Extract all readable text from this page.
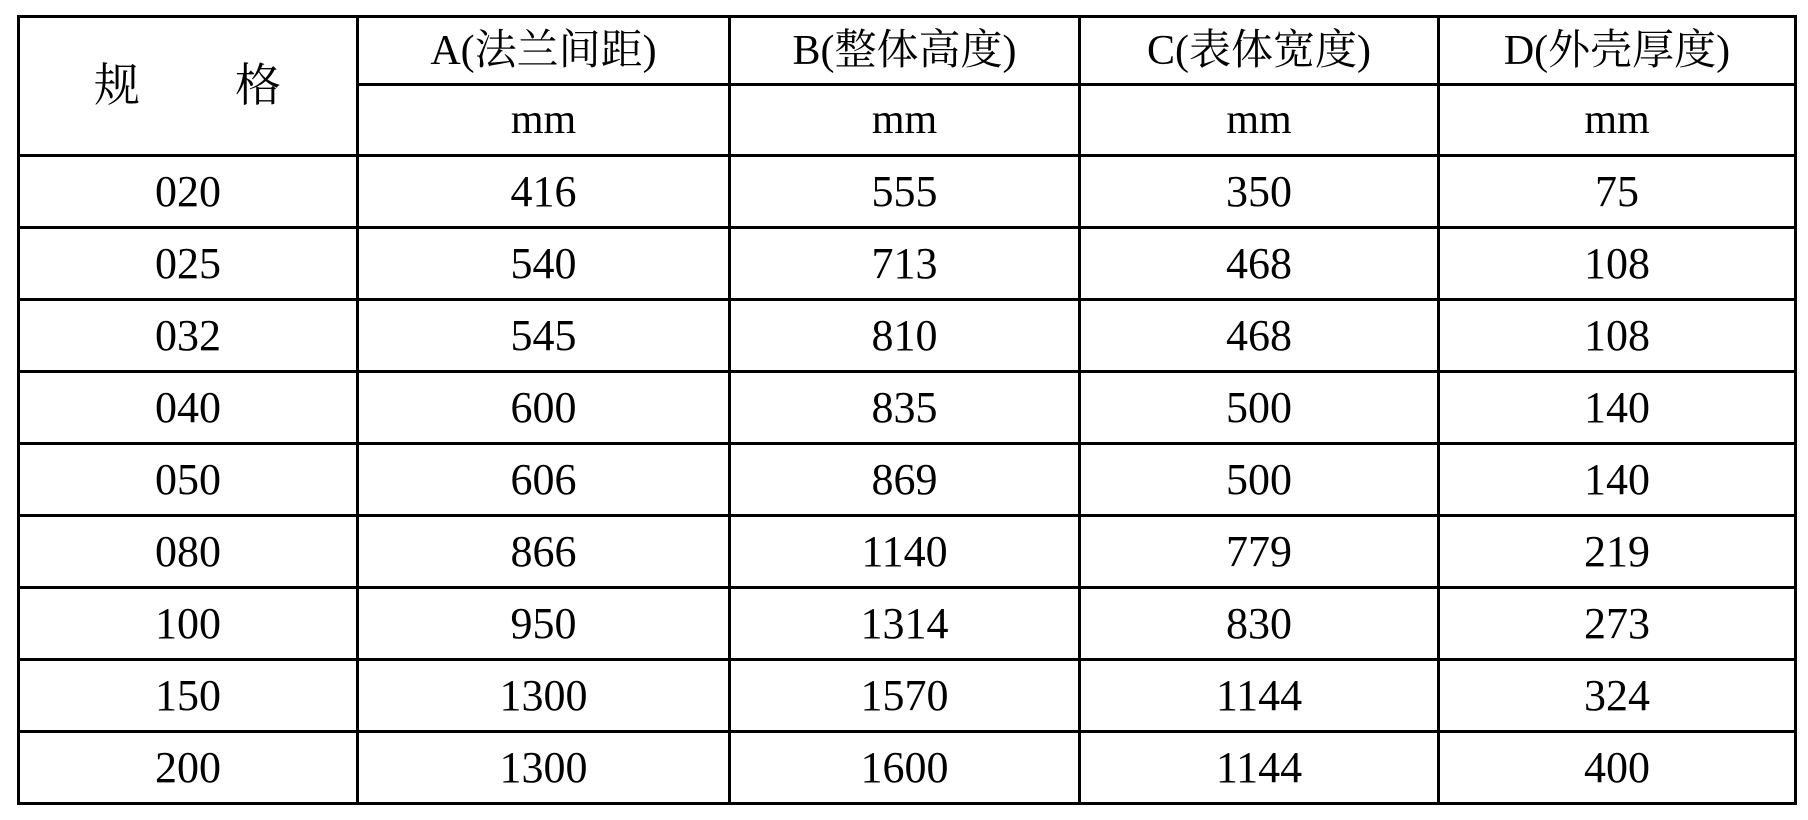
规　　格	A(法兰间距)	B(整体高度)	C(表体宽度)	D(外壳厚度)
	mm	mm	mm	mm
020	416	555	350	75
025	540	713	468	108
032	545	810	468	108
040	600	835	500	140
050	606	869	500	140
080	866	1140	779	219
100	950	1314	830	273
150	1300	1570	1144	324
200	1300	1600	1144	400
